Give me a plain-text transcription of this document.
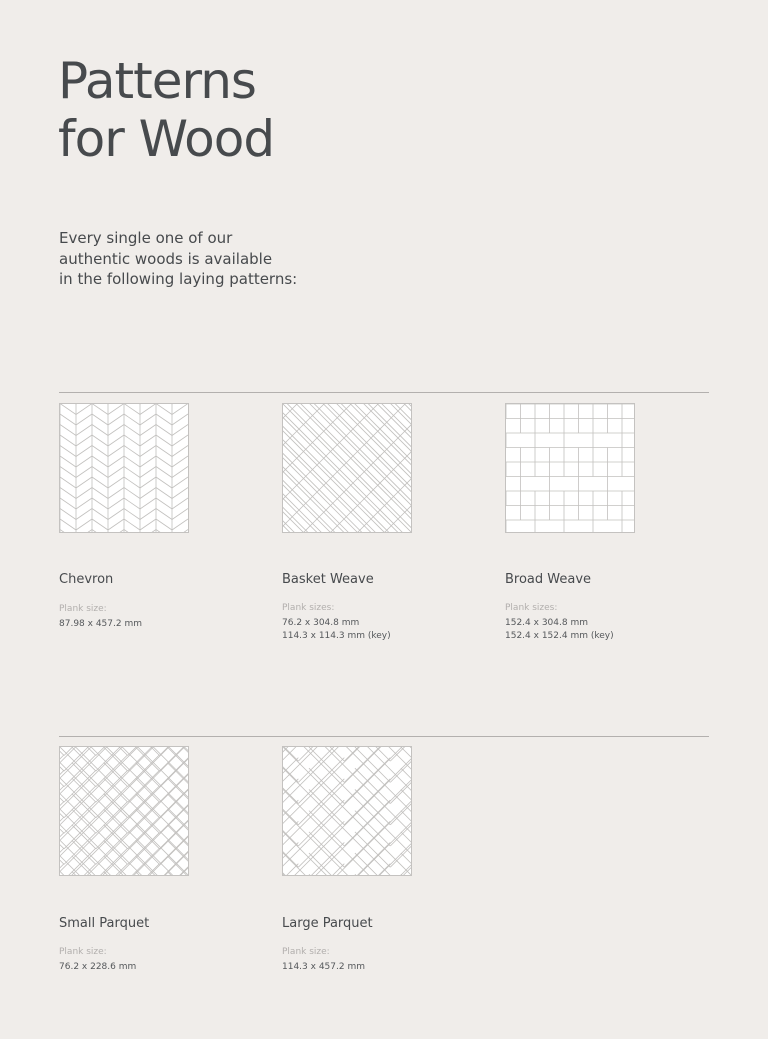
Patterns
for Wood

Every single one of our
authentic woods is available
in the following laying patterns:

Chevron
Plank size:
87.98 x 457.2 mm
Basket Weave
Plank sizes:
76.2 x 304.8 mm
114.3 x 114.3 mm (key)
Broad Weave
Plank sizes:
152.4 x 304.8 mm
152.4 x 152.4 mm (key)
Small Parquet
Plank size:
76.2 x 228.6 mm
Large Parquet
Plank size:
114.3 x 457.2 mm
